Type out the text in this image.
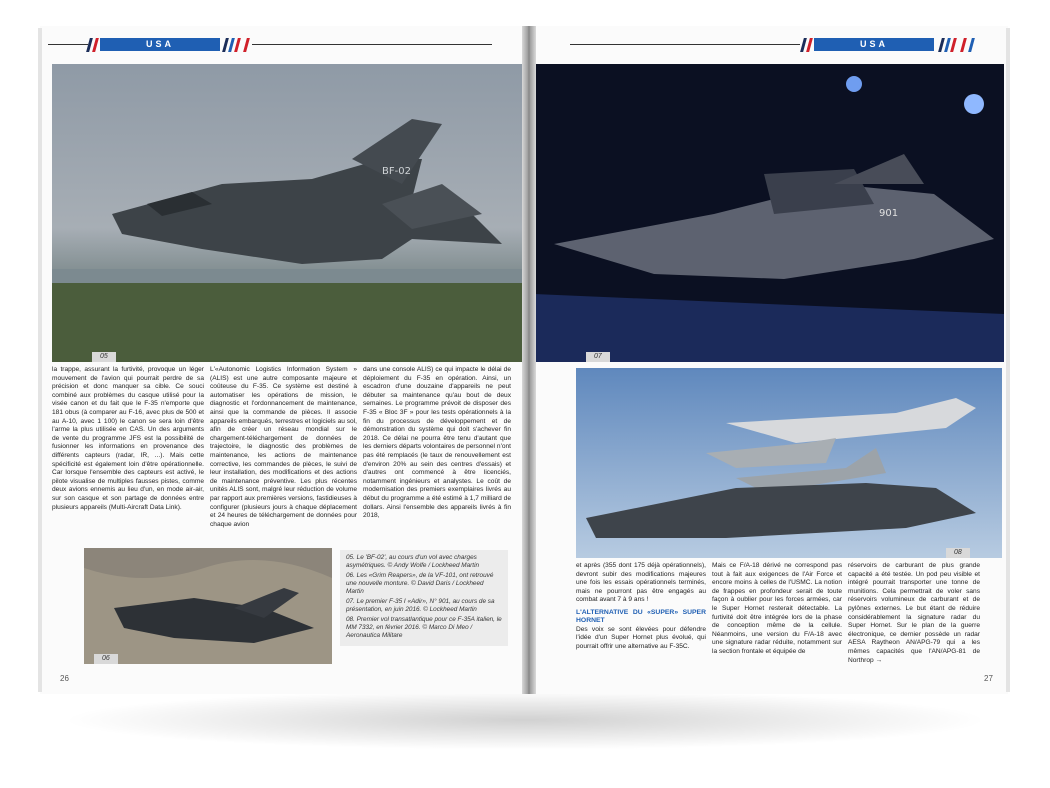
USA
BF-02
05

la trappe, assurant la furtivité, provoque un léger mouvement de l'avion qui pourrait perdre de sa précision et donc manquer sa cible. Ce souci combiné aux problèmes du casque utilisé pour la visée canon et du fait que le F-35 n'emporte que 181 obus (à comparer au F-16, avec plus de 500 et au A-10, avec 1 100) le canon se sera loin d'être l'arme la plus utilisée en CAS. Un des arguments de vente du programme JFS est la possibilité de fusionner les informations en provenance des différents capteurs (radar, IR, ...). Mais cette spécificité est également loin d'être opérationnelle. Car lorsque l'ensemble des capteurs est activé, le pilote visualise de multiples fausses pistes, comme deux avions ennemis au lieu d'un, en mode air-air, sur son casque et son partage de données entre plusieurs appareils (Multi-Aircraft Data Link).

L'«Autonomic Logistics Information System » (ALIS) est une autre composante majeure et coûteuse du F-35. Ce système est destiné à automatiser les opérations de mission, le diagnostic et l'ordonnancement de maintenance, ainsi que la commande de pièces. Il associe appareils embarqués, terrestres et logiciels au sol, afin de créer un réseau mondial sur le chargement-téléchargement de données de trajectoire, le diagnostic des problèmes de maintenance, les actions de maintenance corrective, les commandes de pièces, le suivi de leur installation, des modifications et des actions de maintenance préventive. Les plus récentes unités ALIS sont, malgré leur réduction de volume par rapport aux premières versions, fastidieuses à configurer (plusieurs jours à chaque déplacement et 24 heures de téléchargement de données pour chaque avion

dans une console ALIS) ce qui impacte le délai de déploiement du F-35 en opération. Ainsi, un escadron d'une douzaine d'appareils ne peut débuter sa maintenance qu'au bout de deux semaines. Le programme prévoit de disposer des F-35 « Bloc 3F » pour les tests opérationnels à la fin du processus de développement et de démonstration du système qui doit s'achever fin 2018. Ce délai ne pourra être tenu d'autant que les derniers départs volontaires de personnel n'ont pas été remplacés (le taux de renouvellement est d'environ 20% au sein des centres d'essais) et d'autres ont commencé à être licenciés, notamment ingénieurs et analystes. Le coût de modernisation des premiers exemplaires livrés au début du programme a été estimé à 1,7 milliard de dollars. Ainsi l'ensemble des appareils livrés à fin 2018,

06
05. Le 'BF-02', au cours d'un vol avec charges asymétriques. © Andy Wolfe / Lockheed Martin
06. Les «Grim Reapers», de la VF-101, ont retrouvé une nouvelle monture. © David Daris / Lockheed Martin
07. Le premier F-35 I «Adir», N° 901, au cours de sa présentation, en juin 2016. © Lockheed Martin
08. Premier vol transatlantique pour ce F-35A italien, le MM 7332, en février 2016. © Marco Di Meo / Aeronautica Militare
26
USA
901
07
08

et après (355 dont 175 déjà opérationnels), devront subir des modifications majeures une fois les essais opérationnels terminés, mais ne pourront pas être engagés au combat avant 7 à 9 ans !

L'ALTERNATIVE DU «SUPER» SUPER HORNET

Des voix se sont élevées pour défendre l'idée d'un Super Hornet plus évolué, qui pourrait offrir une alternative au F-35C.

Mais ce F/A-18 dérivé ne correspond pas tout à fait aux exigences de l'Air Force et encore moins à celles de l'USMC. La notion de frappes en profondeur serait de toute façon à oublier pour les forces armées, car le Super Hornet resterait détectable. La furtivité doit être intégrée lors de la phase de conception même de la cellule. Néanmoins, une version du F/A-18 avec une signature radar réduite, notamment sur la section frontale et équipée de

réservoirs de carburant de plus grande capacité a été testée. Un pod peu visible et intégré pourrait transporter une tonne de munitions. Cela permettrait de voler sans réservoirs volumineux de carburant et de pylônes externes. Le but étant de réduire considérablement la signature radar du Super Hornet. Sur le plan de la guerre électronique, ce dernier possède un radar AESA Raytheon AN/APG-79 qui a les mêmes capacités que l'AN/APG-81 de Northrop →

27
